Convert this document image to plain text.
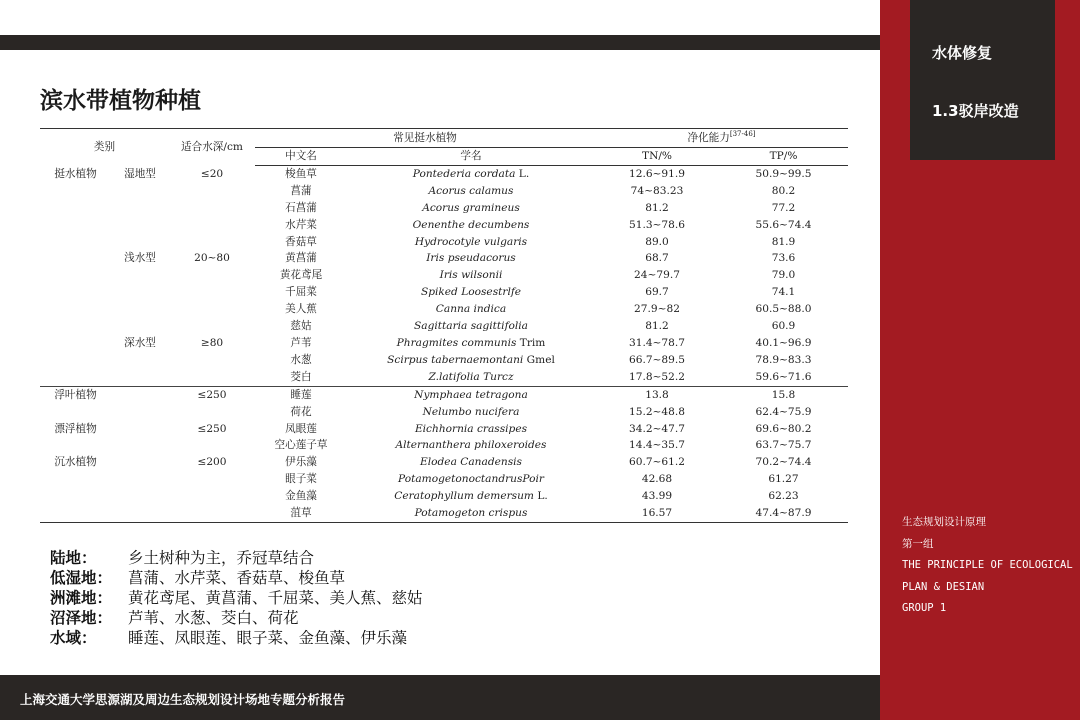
水体修复
1.3驳岸改造
生态规划设计原理
第一组
THE PRINCIPLE OF ECOLOGICAL
PLAN & DESIAN
GROUP 1
滨水带植物种植
类别		适合水深/cm	常见挺水植物		净化能力[37-46]
			中文名	学名	TN/%	TP/%
挺水植物	湿地型	≤20	梭鱼草	Pontederia cordata L.	12.6~91.9	50.9~99.5
			菖蒲	Acorus calamus	74~83.23	80.2
			石菖蒲	Acorus gramineus	81.2	77.2
			水芹菜	Oenenthe decumbens	51.3~78.6	55.6~74.4
			香菇草	Hydrocotyle vulgaris	89.0	81.9
	浅水型	20~80	黄菖蒲	Iris pseudacorus	68.7	73.6
			黄花鸢尾	Iris wilsonii	24~79.7	79.0
			千屈菜	Spiked Loosestrlfe	69.7	74.1
			美人蕉	Canna indica	27.9~82	60.5~88.0
			慈姑	Sagittaria sagittifolia	81.2	60.9
	深水型	≥80	芦苇	Phragmites communis Trim	31.4~78.7	40.1~96.9
			水葱	Scirpus tabernaemontani Gmel	66.7~89.5	78.9~83.3
			茭白	Z.latifolia Turcz	17.8~52.2	59.6~71.6
浮叶植物		≤250	睡莲	Nymphaea tetragona	13.8	15.8
			荷花	Nelumbo nucifera	15.2~48.8	62.4~75.9
漂浮植物		≤250	凤眼莲	Eichhornia crassipes	34.2~47.7	69.6~80.2
			空心莲子草	Alternanthera philoxeroides	14.4~35.7	63.7~75.7
沉水植物		≤200	伊乐藻	Elodea Canadensis	60.7~61.2	70.2~74.4
			眼子菜	PotamogetonoctandrusPoir	42.68	61.27
			金鱼藻	Ceratophyllum demersum L.	43.99	62.23
			菹草	Potamogeton crispus	16.57	47.4~87.9
陆地： 乡土树种为主，乔冠草结合
低湿地： 菖蒲、水芹菜、香菇草、梭鱼草
洲滩地： 黄花鸢尾、黄菖蒲、千屈菜、美人蕉、慈姑
沼泽地： 芦苇、水葱、茭白、荷花
水域： 睡莲、凤眼莲、眼子菜、金鱼藻、伊乐藻
上海交通大学思源湖及周边生态规划设计场地专题分析报告
